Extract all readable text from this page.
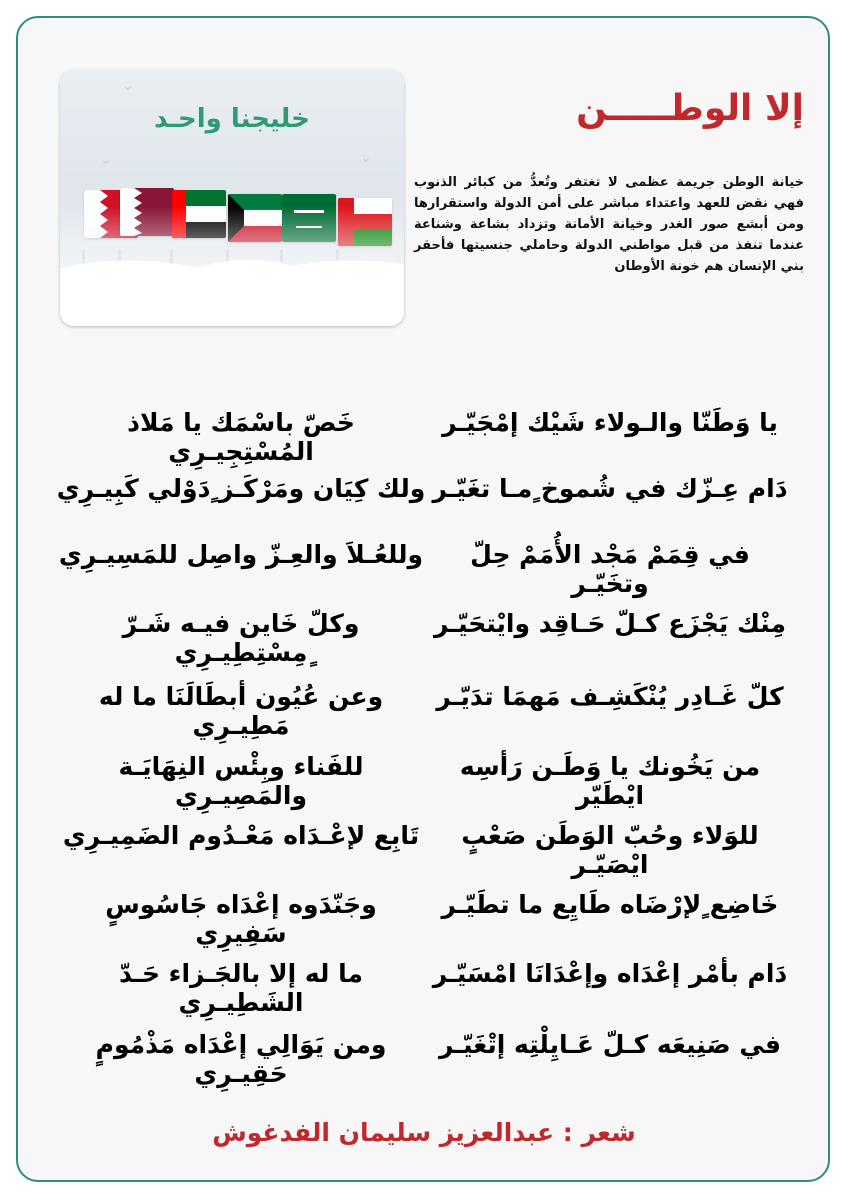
خليجنا واحـد
⌄
⌄	⌄
إلا الوطـــــن
خيانة الوطن جريمة عظمى لا تغتفر وتُعدُّ من كبائر الذنوب فهي نقض للعهد واعتداء مباشر على أمن الدولة واستقرارها ومن أبشع صور الغدر وخيانة الأمانة وتزداد بشاعة وشناعة عندما تنفذ من قبل مواطني الدولة وحاملي جنسيتها فأحقر بني الإنسان هم خونة الأوطان
يا وَطَنّا والـولاء شَيْك إمْجَيّـر
خَصّ باسْمَك يا مَلاذ المُسْتِجِيـرِي
دَام عِـزّك في شُموخ ٍمـا تغَيّـر
ولك كِيَان ومَرْكَـز ٍدَوْلي كَبِيـرِي
في قِمَمْ مَجْد الأُمَمْ حِلّ وتخَيّـر
وللعُـلاَ والعِـزّ واصِل للمَسِيـرِي
مِنْك يَجْزَع كـلّ حَـاقِد وايْتحَيّـر
وكلّ خَاين فيـه شَـرّ ٍمِسْتِطِيـرِي
كلّ غَـادِر يُنْكَشِـف مَهمَا تدَيّـر
وعن عُيُون أبطَالَنَا ما له مَطِيـرِي
من يَخُونك يا وَطَـن رَأسِه ايْطَيّر
للفَناء وبِئْس النِهَايَـة والمَصِيـرِي
للوَلاء وحُبّ الوَطَن صَعْبٍ ايْصَيّـر
تَابِع لإعْـدَاه مَعْـدُوم الضَمِيـرِي
خَاضِع ٍلإرْضَاه طَايِع ما تطَيّـر
وجَنّدَوه إعْدَاه جَاسُوسٍ سَفِيرِي
دَام بأمْر إعْدَاه وإعْدَانَا امْسَيّـر
ما له إلا بالجَـزاء حَـدّ الشَطِيـرِي
في صَنِيعَه كـلّ عَـايِلْتِه إتْغَيّـر
ومن يَوَالِي إعْدَاه مَذْمُومٍ حَقِيـرِي
شعر : عبدالعزيز سليمان الفدغوش
